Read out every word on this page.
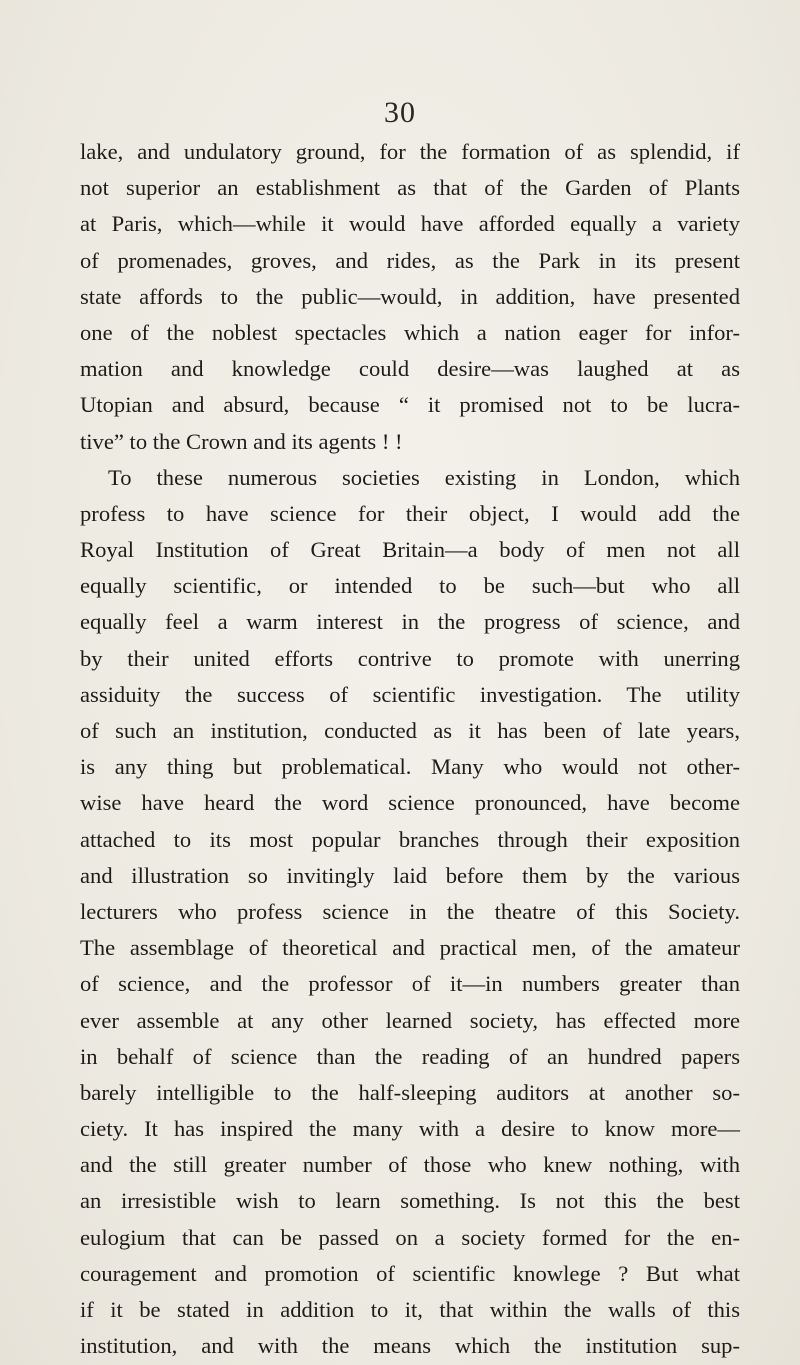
30
lake, and undulatory ground, for the formation of as splendid, if
not superior an establishment as that of the Garden of Plants
at Paris, which—while it would have afforded equally a variety
of promenades, groves, and rides, as the Park in its present
state affords to the public—would, in addition, have presented
one of the noblest spectacles which a nation eager for infor-
mation and knowledge could desire—was laughed at as
Utopian and absurd, because “ it promised not to be lucra-
tive” to the Crown and its agents ! !
To these numerous societies existing in London, which
profess to have science for their object, I would add the
Royal Institution of Great Britain—a body of men not all
equally scientific, or intended to be such—but who all
equally feel a warm interest in the progress of science, and
by their united efforts contrive to promote with unerring
assiduity the success of scientific investigation. The utility
of such an institution, conducted as it has been of late years,
is any thing but problematical. Many who would not other-
wise have heard the word science pronounced, have become
attached to its most popular branches through their exposition
and illustration so invitingly laid before them by the various
lecturers who profess science in the theatre of this Society.
The assemblage of theoretical and practical men, of the amateur
of science, and the professor of it—in numbers greater than
ever assemble at any other learned society, has effected more
in behalf of science than the reading of an hundred papers
barely intelligible to the half-sleeping auditors at another so-
ciety. It has inspired the many with a desire to know more—
and the still greater number of those who knew nothing, with
an irresistible wish to learn something. Is not this the best
eulogium that can be passed on a society formed for the en-
couragement and promotion of scientific knowlege ? But what
if it be stated in addition to it, that within the walls of this
institution, and with the means which the institution sup-
